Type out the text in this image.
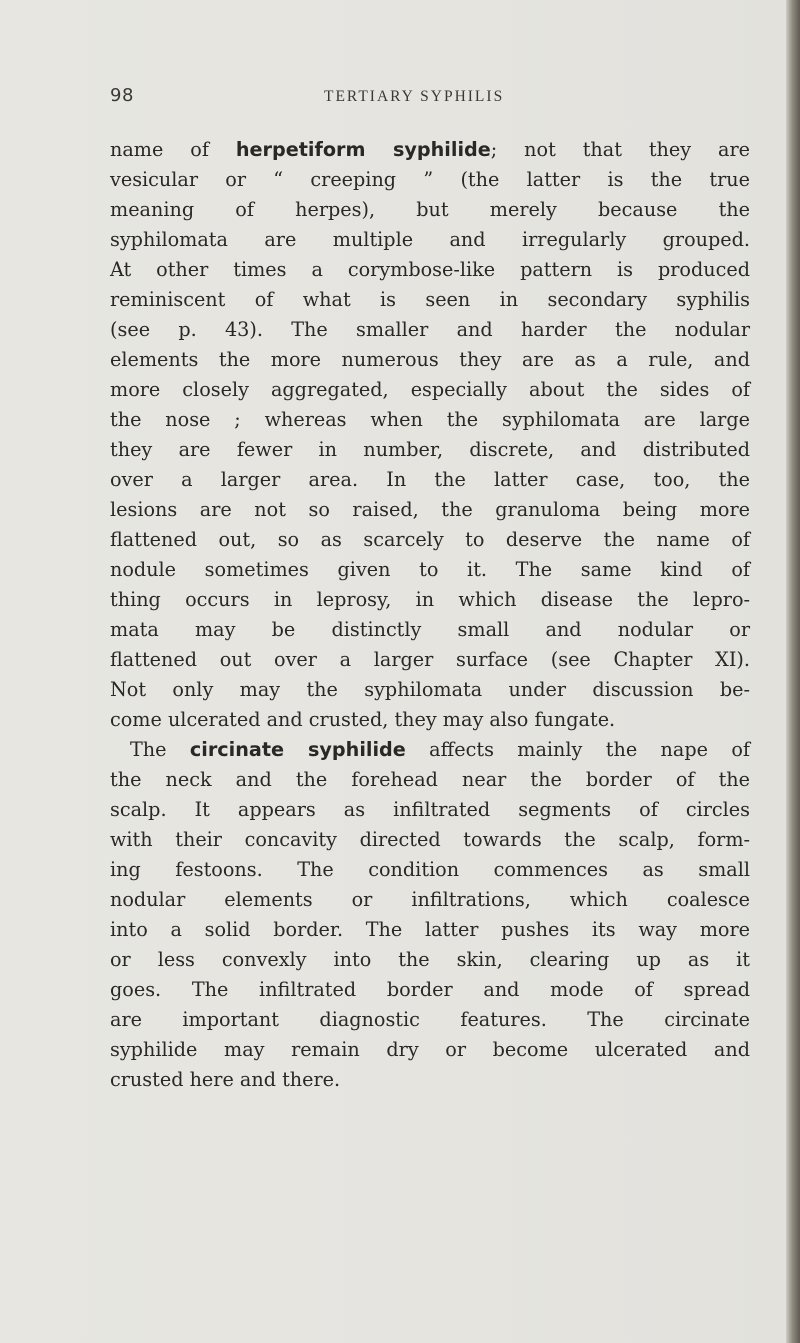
98	TERTIARY SYPHILIS
name of herpetiform syphilide; not that they are
vesicular or “ creeping ” (the latter is the true
meaning of herpes), but merely because the
syphilomata are multiple and irregularly grouped.
At other times a corymbose-like pattern is produced
reminiscent of what is seen in secondary syphilis
(see p. 43). The smaller and harder the nodular
elements the more numerous they are as a rule, and
more closely aggregated, especially about the sides of
the nose ; whereas when the syphilomata are large
they are fewer in number, discrete, and distributed
over a larger area. In the latter case, too, the
lesions are not so raised, the granuloma being more
flattened out, so as scarcely to deserve the name of
nodule sometimes given to it. The same kind of
thing occurs in leprosy, in which disease the lepro-
mata may be distinctly small and nodular or
flattened out over a larger surface (see Chapter XI).
Not only may the syphilomata under discussion be-
come ulcerated and crusted, they may also fungate.
The circinate syphilide affects mainly the nape of
the neck and the forehead near the border of the
scalp. It appears as infiltrated segments of circles
with their concavity directed towards the scalp, form-
ing festoons. The condition commences as small
nodular elements or infiltrations, which coalesce
into a solid border. The latter pushes its way more
or less convexly into the skin, clearing up as it
goes. The infiltrated border and mode of spread
are important diagnostic features. The circinate
syphilide may remain dry or become ulcerated and
crusted here and there.
